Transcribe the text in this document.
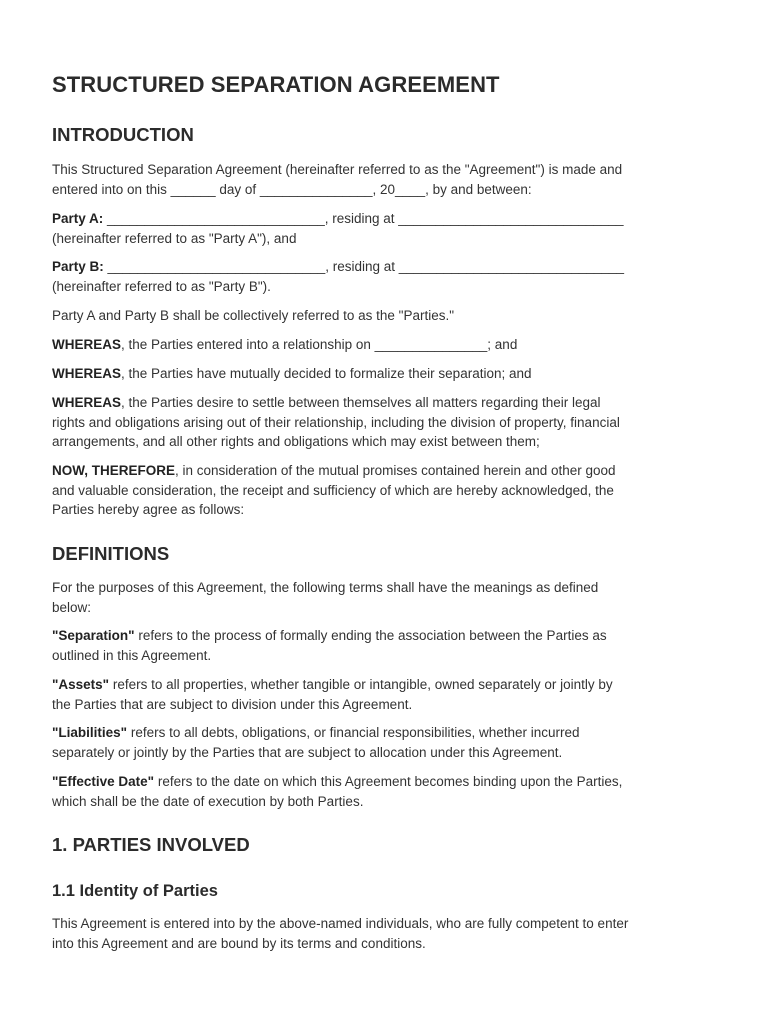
STRUCTURED SEPARATION AGREEMENT
INTRODUCTION
This Structured Separation Agreement (hereinafter referred to as the "Agreement") is made and
entered into on this ______ day of _______________, 20____, by and between:
Party A: _____________________________, residing at ______________________________
(hereinafter referred to as "Party A"), and
Party B: _____________________________, residing at ______________________________
(hereinafter referred to as "Party B").
Party A and Party B shall be collectively referred to as the "Parties."
WHEREAS, the Parties entered into a relationship on _______________; and
WHEREAS, the Parties have mutually decided to formalize their separation; and
WHEREAS, the Parties desire to settle between themselves all matters regarding their legal
rights and obligations arising out of their relationship, including the division of property, financial
arrangements, and all other rights and obligations which may exist between them;
NOW, THEREFORE, in consideration of the mutual promises contained herein and other good
and valuable consideration, the receipt and sufficiency of which are hereby acknowledged, the
Parties hereby agree as follows:
DEFINITIONS
For the purposes of this Agreement, the following terms shall have the meanings as defined
below:
"Separation" refers to the process of formally ending the association between the Parties as
outlined in this Agreement.
"Assets" refers to all properties, whether tangible or intangible, owned separately or jointly by
the Parties that are subject to division under this Agreement.
"Liabilities" refers to all debts, obligations, or financial responsibilities, whether incurred
separately or jointly by the Parties that are subject to allocation under this Agreement.
"Effective Date" refers to the date on which this Agreement becomes binding upon the Parties,
which shall be the date of execution by both Parties.
1. PARTIES INVOLVED
1.1 Identity of Parties
This Agreement is entered into by the above-named individuals, who are fully competent to enter
into this Agreement and are bound by its terms and conditions.
